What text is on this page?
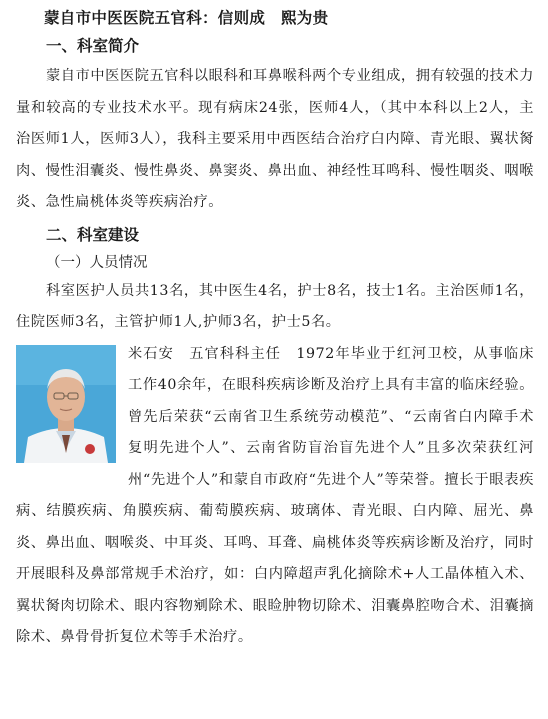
蒙自市中医医院五官科：信则成　熙为贵
一、科室简介

蒙自市中医医院五官科以眼科和耳鼻喉科两个专业组成，拥有较强的技术力量和较高的专业技术水平。现有病床24张，医师4人，（其中本科以上2人，主治医师1人，医师3人），我科主要采用中西医结合治疗白内障、青光眼、翼状胬肉、慢性泪囊炎、慢性鼻炎、鼻窦炎、鼻出血、神经性耳鸣科、慢性咽炎、咽喉炎、急性扁桃体炎等疾病治疗。

二、科室建设
（一）人员情况

科室医护人员共13名，其中医生4名，护士8名，技士1名。主治医师1名，住院医师3名，主管护师1人,护师3名，护士5名。

米石安　五官科科主任　1972年毕业于红河卫校，从事临床工作40余年，在眼科疾病诊断及治疗上具有丰富的临床经验。曾先后荣获“云南省卫生系统劳动模范”、“云南省白内障手术复明先进个人”、云南省防盲治盲先进个人”且多次荣获红河州“先进个人”和蒙自市政府“先进个人”等荣誉。擅长于眼表疾病、结膜疾病、角膜疾病、葡萄膜疾病、玻璃体、青光眼、白内障、屈光、鼻炎、鼻出血、咽喉炎、中耳炎、耳鸣、耳聋、扁桃体炎等疾病诊断及治疗，同时开展眼科及鼻部常规手术治疗，如：白内障超声乳化摘除术+人工晶体植入术、翼状胬肉切除术、眼内容物剜除术、眼睑肿物切除术、泪囊鼻腔吻合术、泪囊摘除术、鼻骨骨折复位术等手术治疗。
